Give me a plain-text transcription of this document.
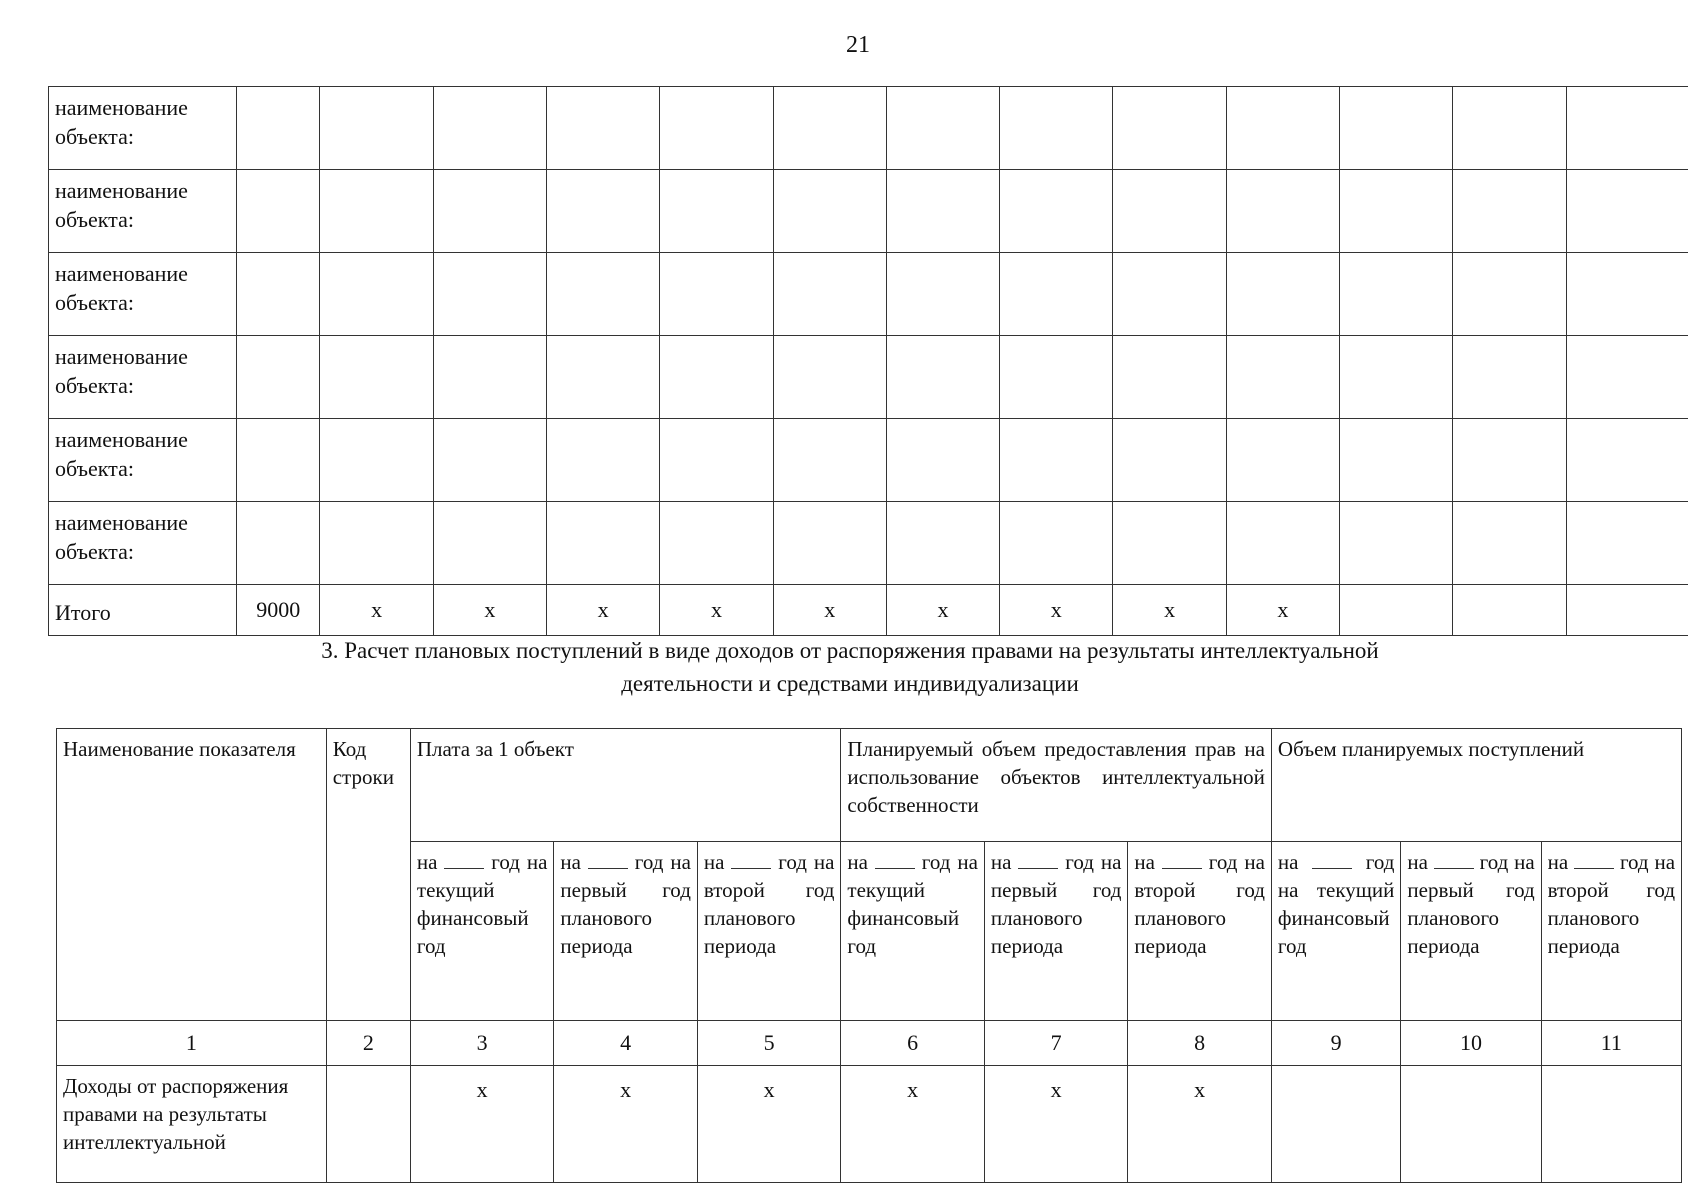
21
наименование объекта:													
наименование объекта:													
наименование объекта:													
наименование объекта:													
наименование объекта:													
наименование объекта:													
Итого	9000	х	х	х	х	х	х	х	х	х			
3. Расчет плановых поступлений в виде доходов от распоряжения правами на результаты интеллектуальной
деятельности и средствами индивидуализации
Наименование показателя	Код строки	Плата за 1 объект			Планируемый объем предоставления прав на использование объектов интеллектуальной собственности			Объем планируемых поступлений		
		на год на текущий финансовый год	на год на первый год планового периода	на год на второй год планового периода	на год на текущий финансовый год	на год на первый год планового периода	на год на второй год планового периода	на год на текущий финансовый год	на год на первый год планового периода	на год на второй год планового периода
1	2	3	4	5	6	7	8	9	10	11
Доходы от распоряжения правами на результаты интеллектуальной		х	х	х	х	х	х			
